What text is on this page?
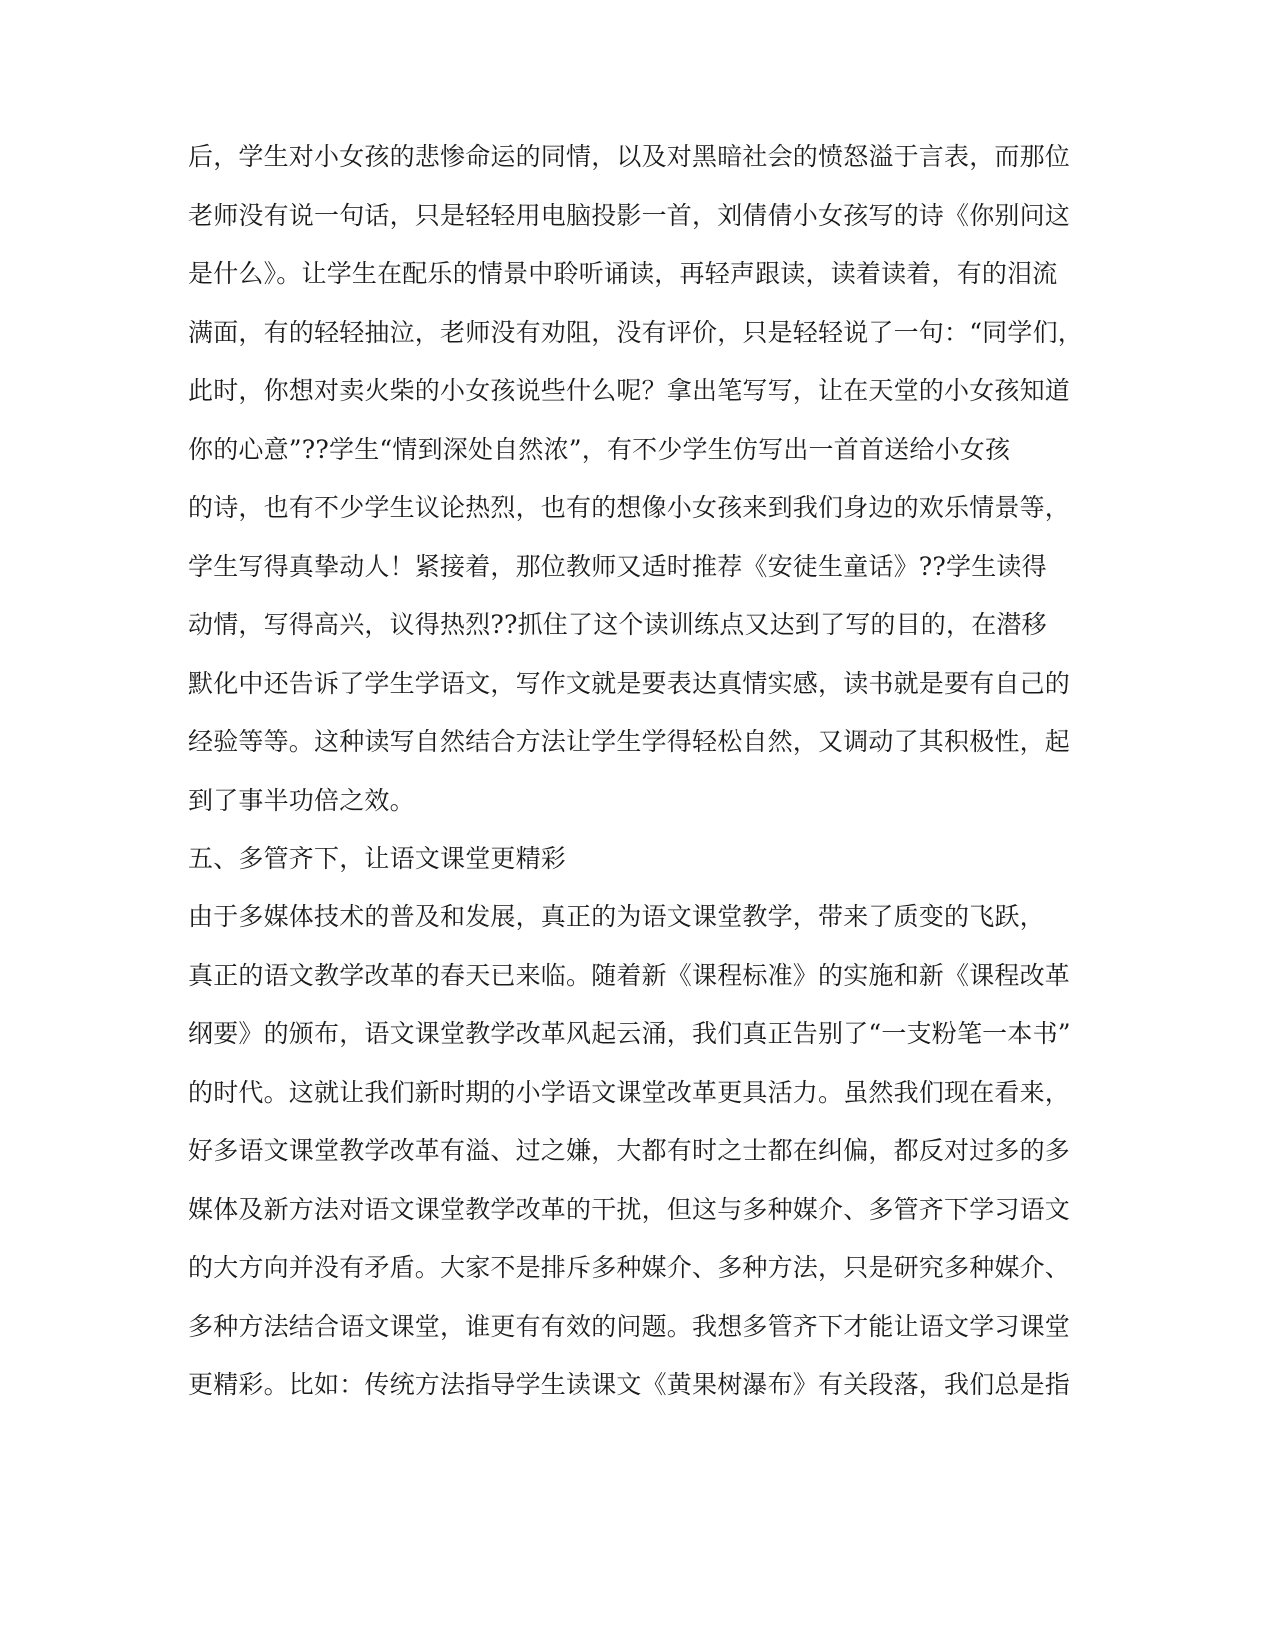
后，学生对小女孩的悲惨命运的同情，以及对黑暗社会的愤怒溢于言表，而那位

老师没有说一句话，只是轻轻用电脑投影一首，刘倩倩小女孩写的诗《你别问这

是什么》。让学生在配乐的情景中聆听诵读，再轻声跟读，读着读着，有的泪流

满面，有的轻轻抽泣，老师没有劝阻，没有评价，只是轻轻说了一句：“同学们，

此时，你想对卖火柴的小女孩说些什么呢？拿出笔写写，让在天堂的小女孩知道

你的心意”??学生“情到深处自然浓”，有不少学生仿写出一首首送给小女孩

的诗，也有不少学生议论热烈，也有的想像小女孩来到我们身边的欢乐情景等，

学生写得真挚动人！紧接着，那位教师又适时推荐《安徒生童话》??学生读得

动情，写得高兴，议得热烈??抓住了这个读训练点又达到了写的目的，在潜移

默化中还告诉了学生学语文，写作文就是要表达真情实感，读书就是要有自己的

经验等等。这种读写自然结合方法让学生学得轻松自然，又调动了其积极性，起

到了事半功倍之效。

五、多管齐下，让语文课堂更精彩

由于多媒体技术的普及和发展，真正的为语文课堂教学，带来了质变的飞跃，

真正的语文教学改革的春天已来临。随着新《课程标准》的实施和新《课程改革

纲要》的颁布，语文课堂教学改革风起云涌，我们真正告别了“一支粉笔一本书”

的时代。这就让我们新时期的小学语文课堂改革更具活力。虽然我们现在看来，

好多语文课堂教学改革有溢、过之嫌，大都有时之士都在纠偏，都反对过多的多

媒体及新方法对语文课堂教学改革的干扰，但这与多种媒介、多管齐下学习语文

的大方向并没有矛盾。大家不是排斥多种媒介、多种方法，只是研究多种媒介、

多种方法结合语文课堂，谁更有有效的问题。我想多管齐下才能让语文学习课堂

更精彩。比如：传统方法指导学生读课文《黄果树瀑布》有关段落，我们总是指
